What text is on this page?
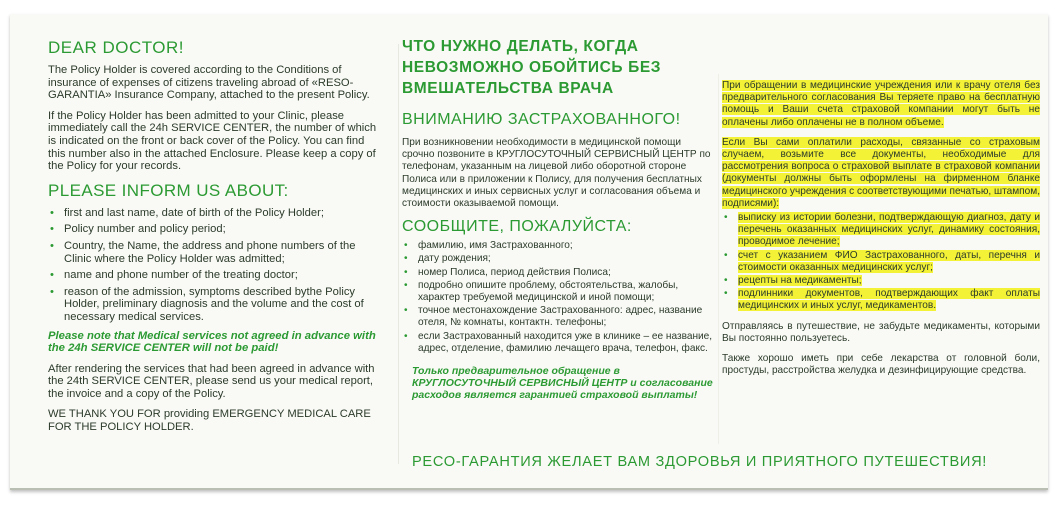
DEAR DOCTOR!

The Policy Holder is covered according to the Conditions of insurance of expenses of citizens traveling abroad of «RESO-GARANTIA» Insurance Company, attached to the present Policy.

If the Policy Holder has been admitted to your Clinic, please immediately call the 24h SERVICE CENTER, the number of which is indicated on the front or back cover of the Policy. You can find this number also in the attached Enclosure. Please keep a copy of the Policy for your records.

PLEASE INFORM US ABOUT:
• first and last name, date of birth of the Policy Holder;
• Policy number and policy period;
• Country, the Name, the address and phone numbers of the Clinic where the Policy Holder was admitted;
• name and phone number of the treating doctor;
• reason of the admission, symptoms described bythe Policy Holder, preliminary diagnosis and the volume and the cost of necessary medical services.

Please note that Medical services not agreed in advance with the 24h SERVICE CENTER will not be paid!

After rendering the services that had been agreed in advance with the 24th SERVICE CENTER, please send us your medical report, the invoice and a copy of the Policy.

WE THANK YOU FOR providing EMERGENCY MEDICAL CARE FOR THE POLICY HOLDER.

ЧТО НУЖНО ДЕЛАТЬ, КОГДА НЕВОЗМОЖНО ОБОЙТИСЬ БЕЗ ВМЕШАТЕЛЬСТВА ВРАЧА
ВНИМАНИЮ ЗАСТРАХОВАННОГО!

При возникновении необходимости в медицинской помощи срочно позвоните в КРУГЛОСУТОЧНЫЙ СЕРВИСНЫЙ ЦЕНТР по телефонам, указанным на лицевой либо оборотной стороне Полиса или в приложении к Полису, для получения бесплатных медицинских и иных сервисных услуг и согласования объема и стоимости оказываемой помощи.

СООБЩИТЕ, ПОЖАЛУЙСТА:
• фамилию, имя Застрахованного;
• дату рождения;
• номер Полиса, период действия Полиса;
• подробно опишите проблему, обстоятельства, жалобы, характер требуемой медицинской и иной помощи;
• точное местонахождение Застрахованного: адрес, название отеля, № комнаты, контактн. телефоны;
• если Застрахованный находится уже в клинике – ее название, адрес, отделение, фамилию лечащего врача, телефон, факс.

Только предварительное обращение в КРУГЛОСУТОЧНЫЙ СЕРВИСНЫЙ ЦЕНТР и согласование расходов является гарантией страховой выплаты!

При обращении в медицинские учреждения или к врачу отеля без предварительного согласования Вы теряете право на бесплатную помощь и Ваши счета страховой компании могут быть не оплачены либо оплачены не в полном объеме.

Если Вы сами оплатили расходы, связанные со страховым случаем, возьмите все документы, необходимые для рассмотрения вопроса о страховой выплате в страховой компании (документы должны быть оформлены на фирменном бланке медицинского учреждения с соответствующими печатью, штампом, подписями):

• выписку из истории болезни, подтверждающую диагноз, дату и перечень оказанных медицинских услуг, динамику состояния, проводимое лечение;
• счет с указанием ФИО Застрахованного, даты, перечня и стоимости оказанных медицинских услуг;
• рецепты на медикаменты;
• подлинники документов, подтверждающих факт оплаты медицинских и иных услуг, медикаментов.

Отправляясь в путешествие, не забудьте медикаменты, которыми Вы постоянно пользуетесь.

Также хорошо иметь при себе лекарства от головной боли, простуды, расстройства желудка и дезинфицирующие средства.

РЕСО-ГАРАНТИЯ ЖЕЛАЕТ ВАМ ЗДОРОВЬЯ И ПРИЯТНОГО ПУТЕШЕСТВИЯ!
